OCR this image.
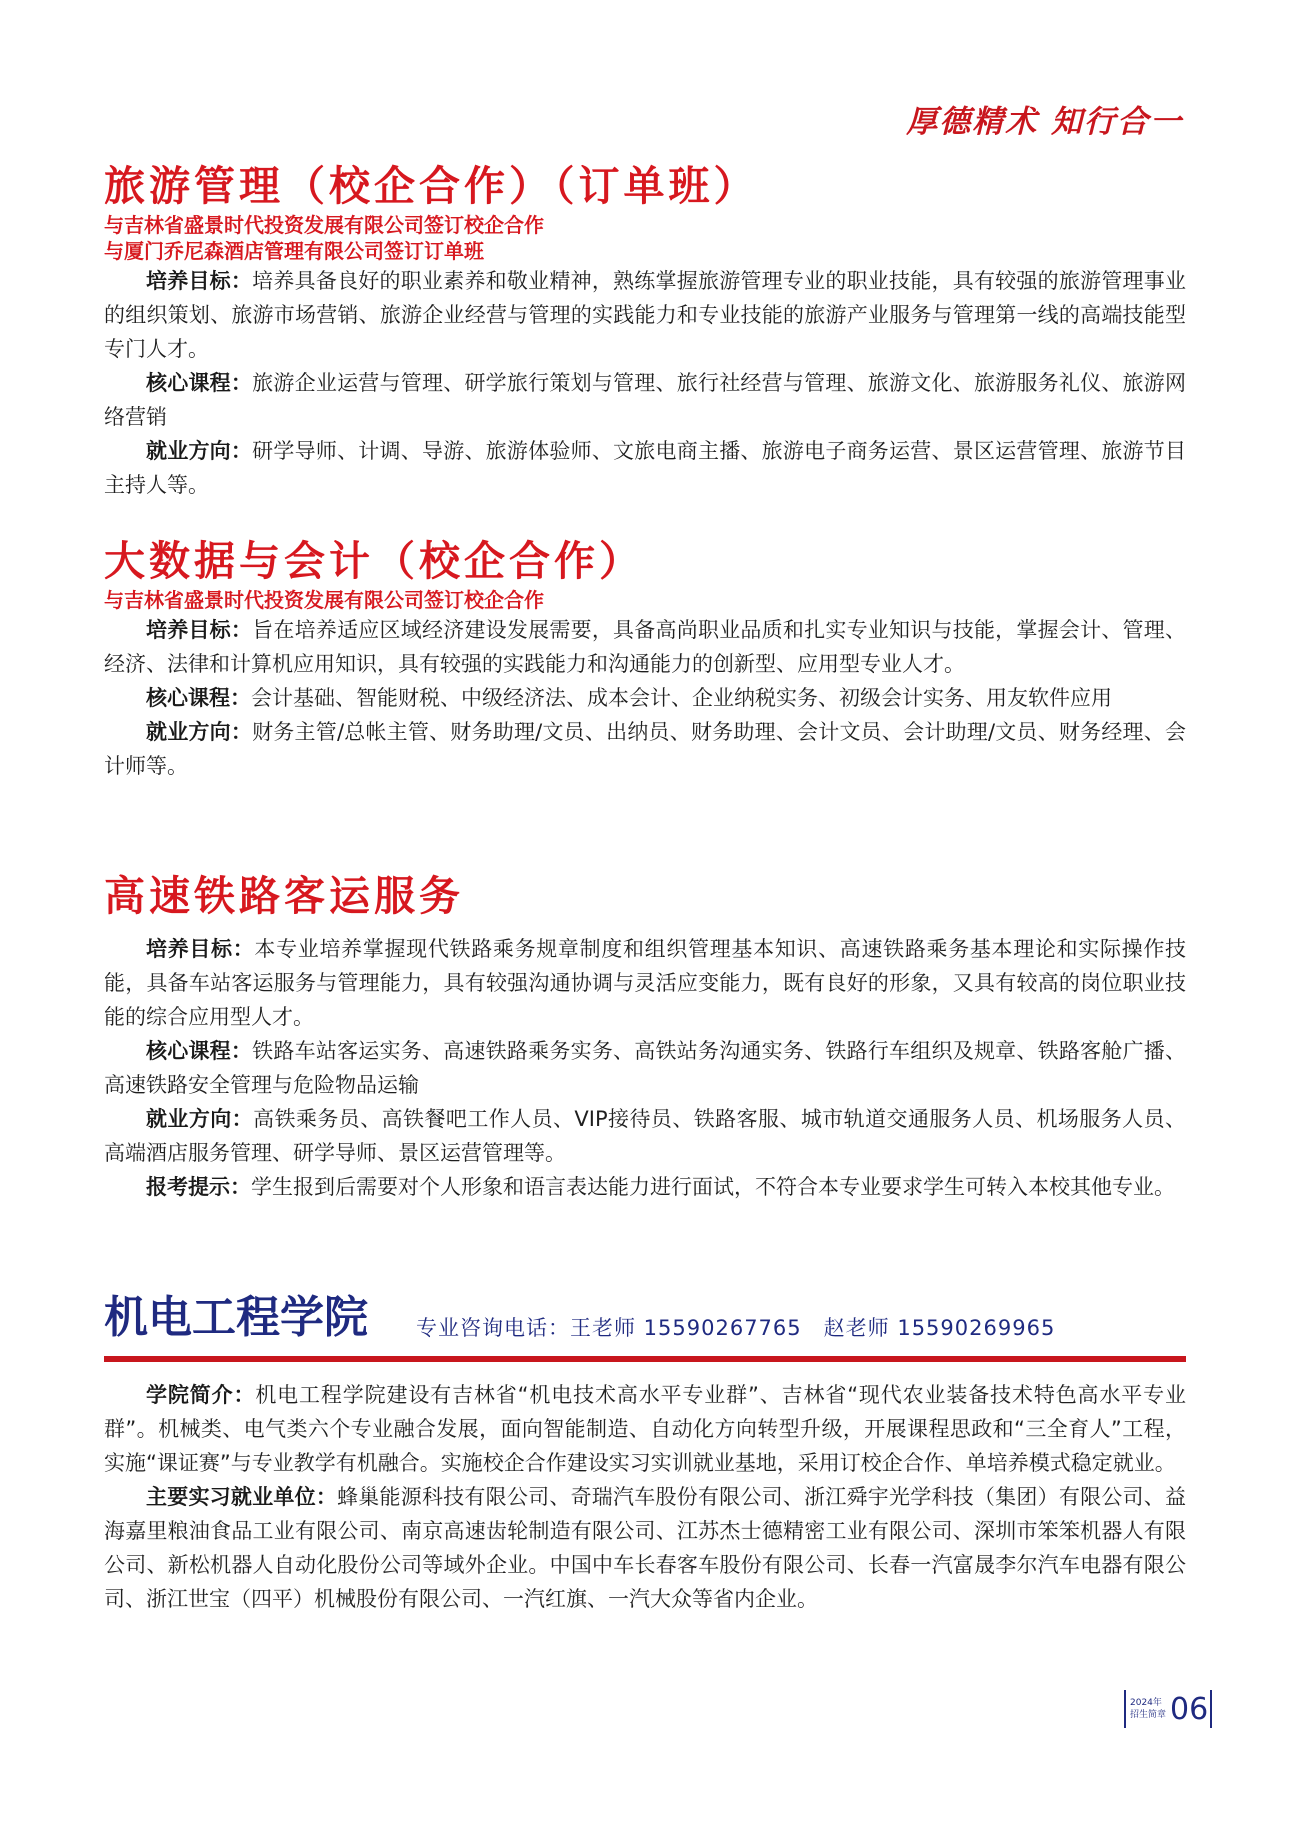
厚德精术 知行合一
旅游管理（校企合作）（订单班）

与吉林省盛景时代投资发展有限公司签订校企合作

与厦门乔尼森酒店管理有限公司签订订单班

培养目标：培养具备良好的职业素养和敬业精神，熟练掌握旅游管理专业的职业技能，具有较强的旅游管理事业的组织策划、旅游市场营销、旅游企业经营与管理的实践能力和专业技能的旅游产业服务与管理第一线的高端技能型专门人才。

核心课程：旅游企业运营与管理、研学旅行策划与管理、旅行社经营与管理、旅游文化、旅游服务礼仪、旅游网络营销

就业方向：研学导师、计调、导游、旅游体验师、文旅电商主播、旅游电子商务运营、景区运营管理、旅游节目主持人等。

大数据与会计（校企合作）

与吉林省盛景时代投资发展有限公司签订校企合作

培养目标：旨在培养适应区域经济建设发展需要，具备高尚职业品质和扎实专业知识与技能，掌握会计、管理、经济、法律和计算机应用知识，具有较强的实践能力和沟通能力的创新型、应用型专业人才。

核心课程：会计基础、智能财税、中级经济法、成本会计、企业纳税实务、初级会计实务、用友软件应用

就业方向：财务主管/总帐主管、财务助理/文员、出纳员、财务助理、会计文员、会计助理/文员、财务经理、会计师等。

高速铁路客运服务

培养目标：本专业培养掌握现代铁路乘务规章制度和组织管理基本知识、高速铁路乘务基本理论和实际操作技能，具备车站客运服务与管理能力，具有较强沟通协调与灵活应变能力，既有良好的形象，又具有较高的岗位职业技能的综合应用型人才。

核心课程：铁路车站客运实务、高速铁路乘务实务、高铁站务沟通实务、铁路行车组织及规章、铁路客舱广播、高速铁路安全管理与危险物品运输

就业方向：高铁乘务员、高铁餐吧工作人员、VIP接待员、铁路客服、城市轨道交通服务人员、机场服务人员、高端酒店服务管理、研学导师、景区运营管理等。

报考提示：学生报到后需要对个人形象和语言表达能力进行面试，不符合本专业要求学生可转入本校其他专业。

机电工程学院 专业咨询电话：王老师 15590267765 赵老师 15590269965

学院简介：机电工程学院建设有吉林省“机电技术高水平专业群”、吉林省“现代农业装备技术特色高水平专业群”。机械类、电气类六个专业融合发展，面向智能制造、自动化方向转型升级，开展课程思政和“三全育人”工程，实施“课证赛”与专业教学有机融合。实施校企合作建设实习实训就业基地，采用订校企合作、单培养模式稳定就业。

主要实习就业单位：蜂巢能源科技有限公司、奇瑞汽车股份有限公司、浙江舜宇光学科技（集团）有限公司、益海嘉里粮油食品工业有限公司、南京高速齿轮制造有限公司、江苏杰士德精密工业有限公司、深圳市笨笨机器人有限公司、新松机器人自动化股份公司等域外企业。中国中车长春客车股份有限公司、长春一汽富晟李尔汽车电器有限公司、浙江世宝（四平）机械股份有限公司、一汽红旗、一汽大众等省内企业。

2024年
招生简章 06
